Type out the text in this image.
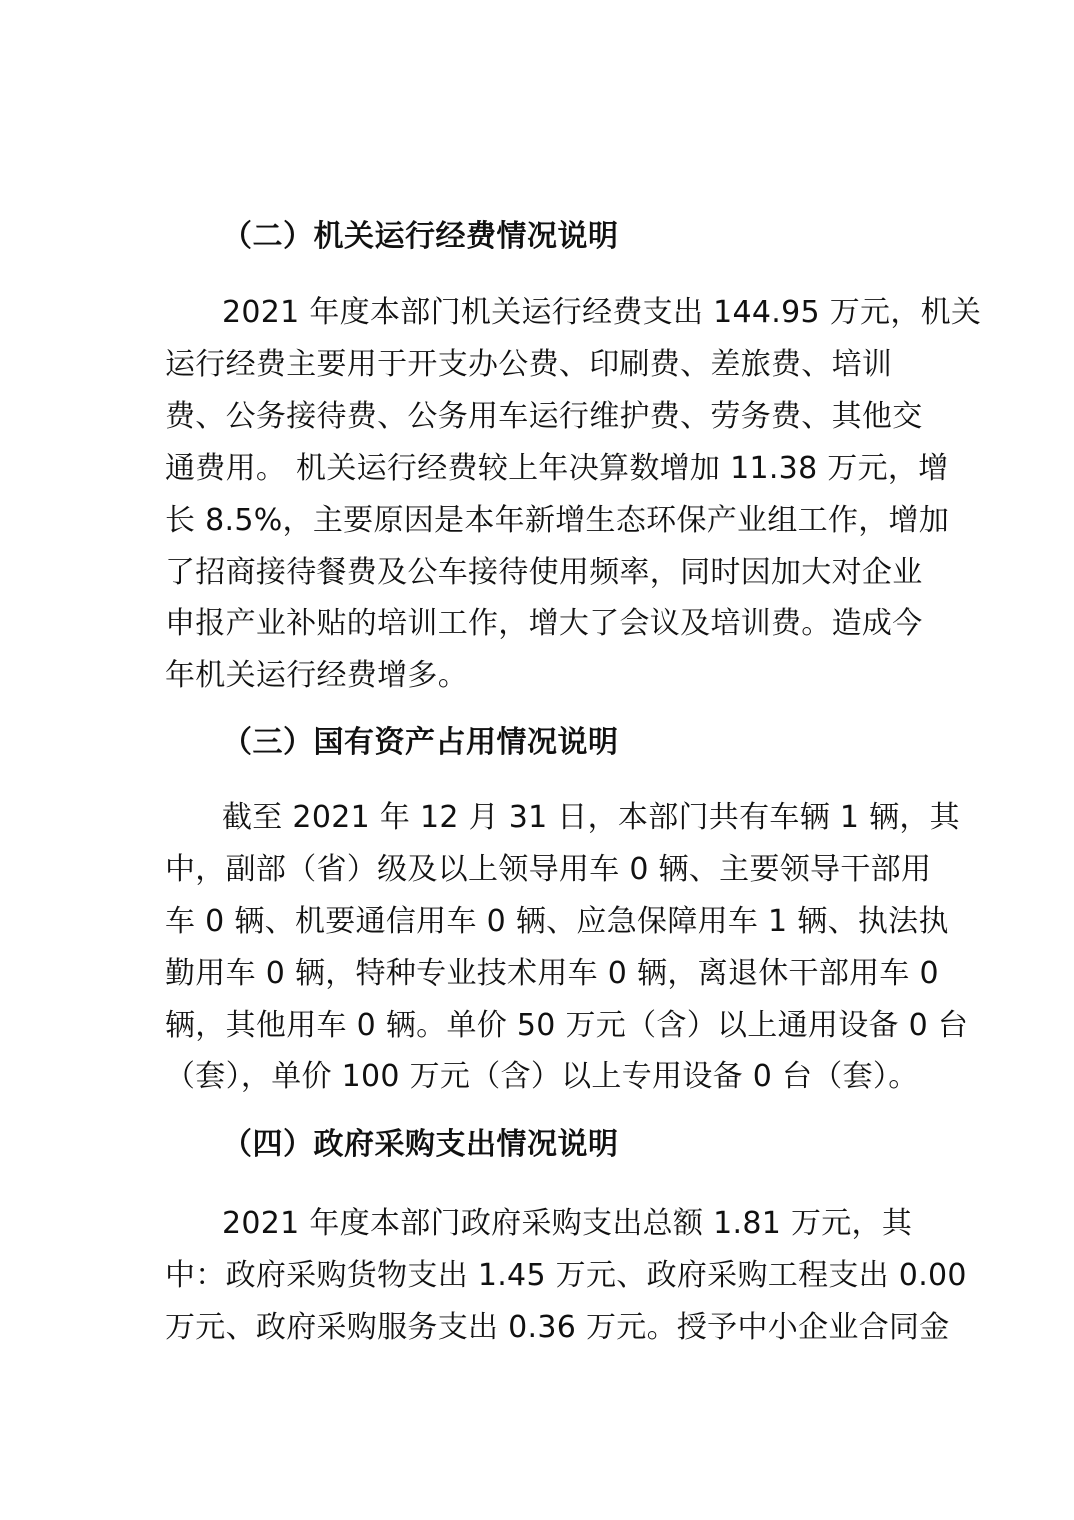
（二）机关运行经费情况说明
2021 年度本部门机关运行经费支出 144.95 万元，机关
运行经费主要用于开支办公费、印刷费、差旅费、培训
费、公务接待费、公务用车运行维护费、劳务费、其他交
通费用。 机关运行经费较上年决算数增加 11.38 万元，增
长 8.5%，主要原因是本年新增生态环保产业组工作，增加
了招商接待餐费及公车接待使用频率，同时因加大对企业
申报产业补贴的培训工作，增大了会议及培训费。造成今
年机关运行经费增多。
（三）国有资产占用情况说明
截至 2021 年 12 月 31 日，本部门共有车辆 1 辆，其
中，副部（省）级及以上领导用车 0 辆、主要领导干部用
车 0 辆、机要通信用车 0 辆、应急保障用车 1 辆、执法执
勤用车 0 辆，特种专业技术用车 0 辆，离退休干部用车 0
辆，其他用车 0 辆。单价 50 万元（含）以上通用设备 0 台
（套），单价 100 万元（含）以上专用设备 0 台（套）。
（四）政府采购支出情况说明
2021 年度本部门政府采购支出总额 1.81 万元，其
中：政府采购货物支出 1.45 万元、政府采购工程支出 0.00
万元、政府采购服务支出 0.36 万元。授予中小企业合同金
